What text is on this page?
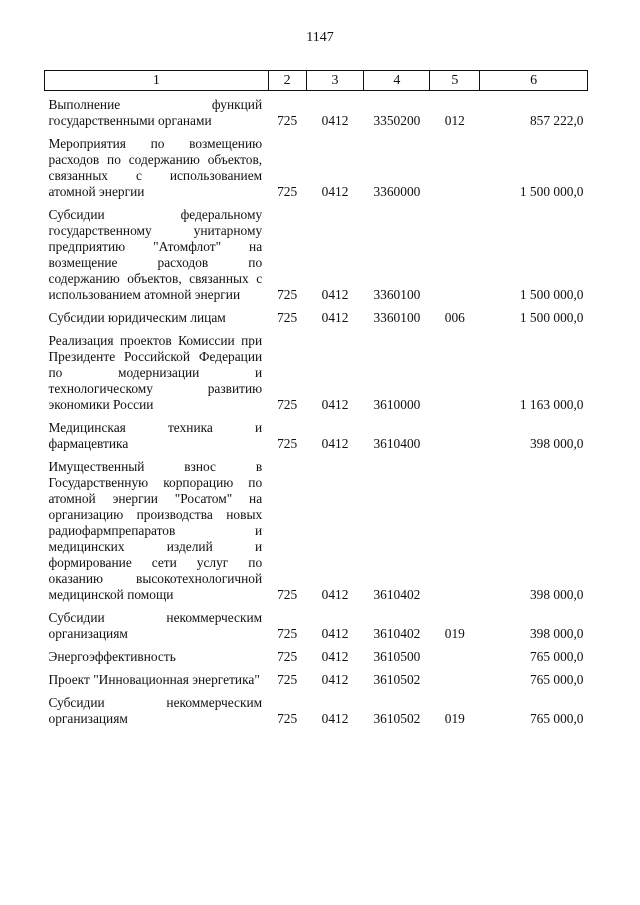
1147
1	2	3	4	5	6
Выполнение функций государственными органами	725	0412	3350200	012	857 222,0
Мероприятия по возмещению расходов по содержанию объектов, связанных с использованием атомной энергии	725	0412	3360000		1 500 000,0
Субсидии федеральному государственному унитарному предприятию "Атомфлот" на возмещение расходов по содержанию объектов, связанных с использованием атомной энергии	725	0412	3360100		1 500 000,0
Субсидии юридическим лицам	725	0412	3360100	006	1 500 000,0
Реализация проектов Комиссии при Президенте Российской Федерации по модернизации и технологическому развитию экономики России	725	0412	3610000		1 163 000,0
Медицинская техника и фармацевтика	725	0412	3610400		398 000,0
Имущественный взнос в Государственную корпорацию по атомной энергии "Росатом" на организацию производства новых радиофармпрепаратов и медицинских изделий и формирование сети услуг по оказанию высокотехнологичной медицинской помощи	725	0412	3610402		398 000,0
Субсидии некоммерческим организациям	725	0412	3610402	019	398 000,0
Энергоэффективность	725	0412	3610500		765 000,0
Проект "Инновационная энергетика"	725	0412	3610502		765 000,0
Субсидии некоммерческим организациям	725	0412	3610502	019	765 000,0
